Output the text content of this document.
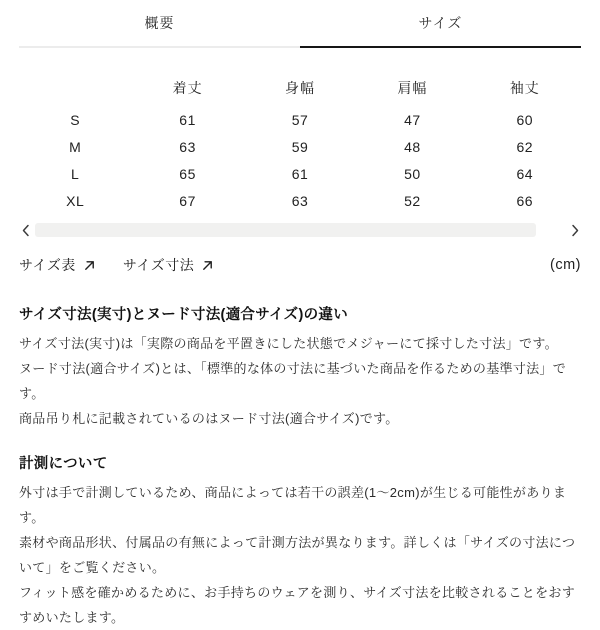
概要	サイズ
	着丈	身幅	肩幅	袖丈
S	61	57	47	60
M	63	59	48	62
L	65	61	50	64
XL	67	63	52	66
サイズ表	サイズ寸法	(cm)
サイズ寸法(実寸)とヌード寸法(適合サイズ)の違い

サイズ寸法(実寸)は「実際の商品を平置きにした状態でメジャーにて採寸した寸法」です。

ヌード寸法(適合サイズ)とは、「標準的な体の寸法に基づいた商品を作るための基準寸法」です。

商品吊り札に記載されているのはヌード寸法(適合サイズ)です。

計測について

外寸は手で計測しているため、商品によっては若干の誤差(1〜2cm)が生じる可能性があります。

素材や商品形状、付属品の有無によって計測方法が異なります。詳しくは「サイズの寸法について」をご覧ください。

フィット感を確かめるために、お手持ちのウェアを測り、サイズ寸法を比較されることをおすすめいたします。
